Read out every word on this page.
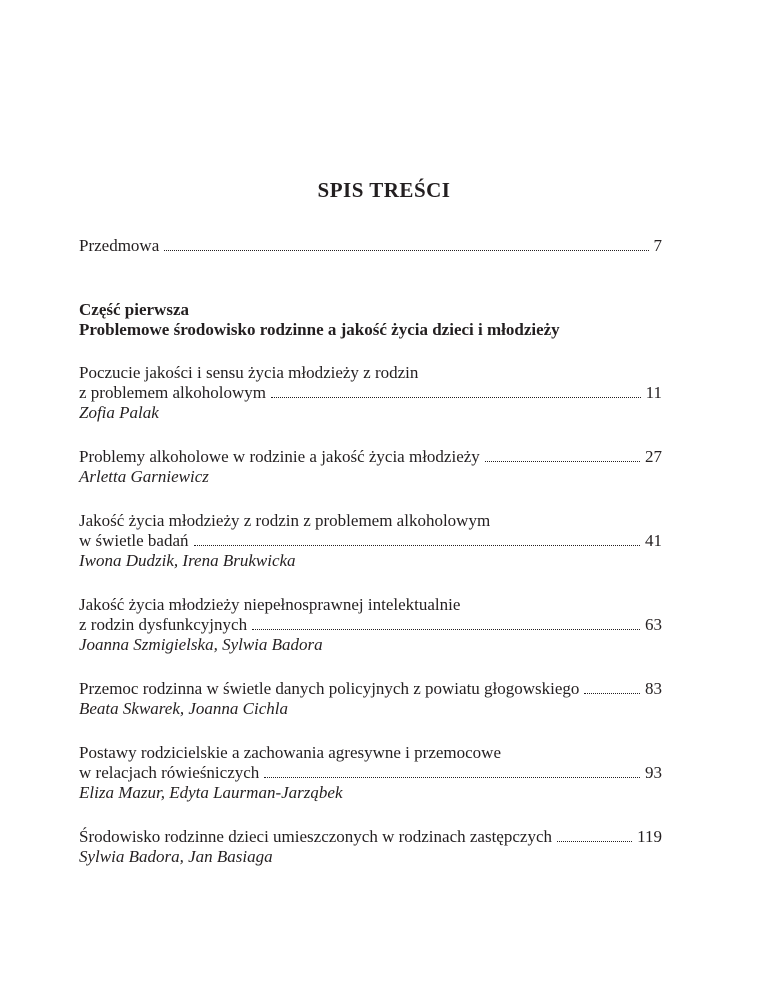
SPIS TREŚCI
Przedmowa	7
Część pierwsza
Problemowe środowisko rodzinne a jakość życia dzieci i młodzieży
Poczucie jakości i sensu życia młodzieży z rodzin
z problemem alkoholowym	11
Zofia Palak
Problemy alkoholowe w rodzinie a jakość życia młodzieży	27
Arletta Garniewicz
Jakość życia młodzieży z rodzin z problemem alkoholowym
w świetle badań	41
Iwona Dudzik, Irena Brukwicka
Jakość życia młodzieży niepełnosprawnej intelektualnie
z rodzin dysfunkcyjnych	63
Joanna Szmigielska, Sylwia Badora
Przemoc rodzinna w świetle danych policyjnych z powiatu głogowskiego	83
Beata Skwarek, Joanna Cichla
Postawy rodzicielskie a zachowania agresywne i przemocowe
w relacjach rówieśniczych	93
Eliza Mazur, Edyta Laurman-Jarząbek
Środowisko rodzinne dzieci umieszczonych w rodzinach zastępczych	119
Sylwia Badora, Jan Basiaga
